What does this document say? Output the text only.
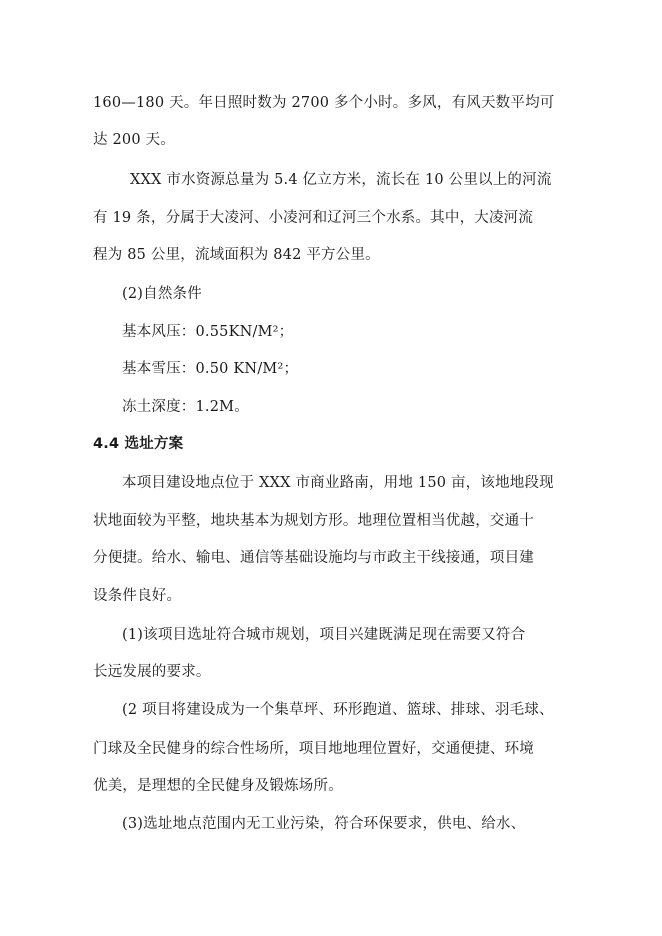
160—180 天。年日照时数为 2700 多个小时。多风，有风天数平均可
达 200 天。
XXX 市水资源总量为 5.4 亿立方米，流长在 10 公里以上的河流
有 19 条，分属于大凌河、小凌河和辽河三个水系。其中，大凌河流
程为 85 公里，流域面积为 842 平方公里。
(2)自然条件
基本风压：0.55KN/M²；
基本雪压：0.50 KN/M²；
冻土深度：1.2M。
4.4 选址方案
本项目建设地点位于 XXX 市商业路南，用地 150 亩，该地地段现
状地面较为平整，地块基本为规划方形。地理位置相当优越，交通十
分便捷。给水、输电、通信等基础设施均与市政主干线接通，项目建
设条件良好。
(1)该项目选址符合城市规划，项目兴建既满足现在需要又符合
长远发展的要求。
(2 项目将建设成为一个集草坪、环形跑道、篮球、排球、羽毛球、
门球及全民健身的综合性场所，项目地地理位置好，交通便捷、环境
优美，是理想的全民健身及锻炼场所。
(3)选址地点范围内无工业污染，符合环保要求，供电、给水、
